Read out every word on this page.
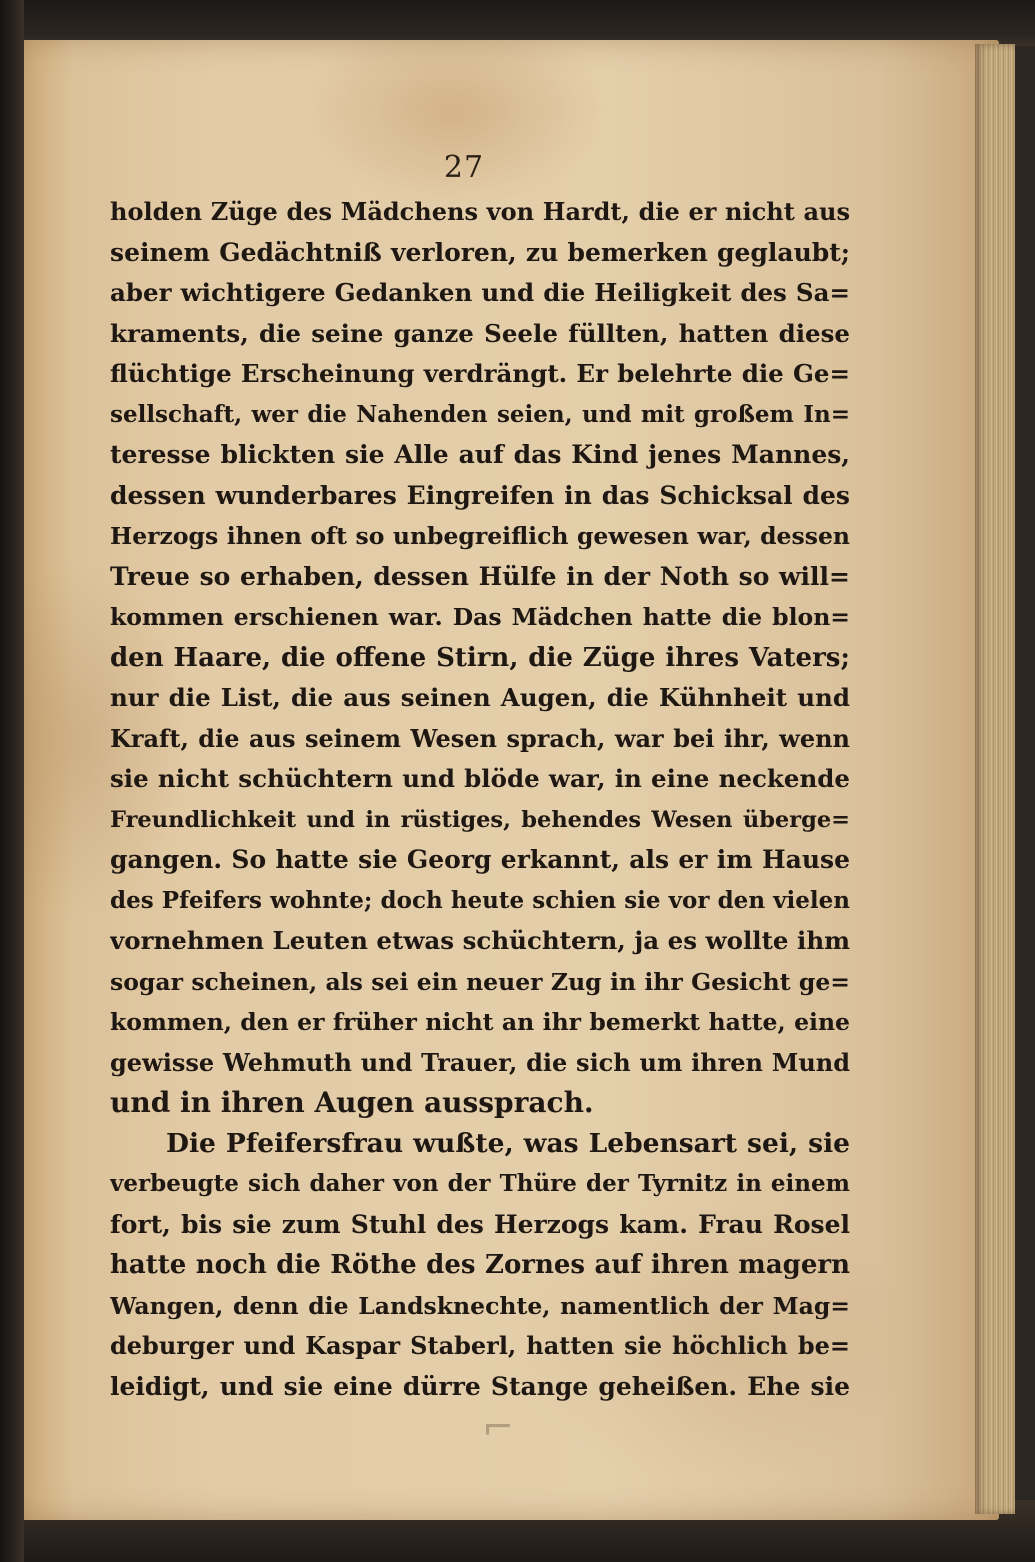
27
holden Züge des Mädchens von Hardt, die er nicht aus
seinem Gedächtniß verloren, zu bemerken geglaubt;
aber wichtigere Gedanken und die Heiligkeit des Sa=
kraments, die seine ganze Seele füllten, hatten diese
flüchtige Erscheinung verdrängt. Er belehrte die Ge=
sellschaft, wer die Nahenden seien, und mit großem In=
teresse blickten sie Alle auf das Kind jenes Mannes,
dessen wunderbares Eingreifen in das Schicksal des
Herzogs ihnen oft so unbegreiflich gewesen war, dessen
Treue so erhaben, dessen Hülfe in der Noth so will=
kommen erschienen war. Das Mädchen hatte die blon=
den Haare, die offene Stirn, die Züge ihres Vaters;
nur die List, die aus seinen Augen, die Kühnheit und
Kraft, die aus seinem Wesen sprach, war bei ihr, wenn
sie nicht schüchtern und blöde war, in eine neckende
Freundlichkeit und in rüstiges, behendes Wesen überge=
gangen. So hatte sie Georg erkannt, als er im Hause
des Pfeifers wohnte; doch heute schien sie vor den vielen
vornehmen Leuten etwas schüchtern, ja es wollte ihm
sogar scheinen, als sei ein neuer Zug in ihr Gesicht ge=
kommen, den er früher nicht an ihr bemerkt hatte, eine
gewisse Wehmuth und Trauer, die sich um ihren Mund
und in ihren Augen aussprach.
Die Pfeifersfrau wußte, was Lebensart sei, sie
verbeugte sich daher von der Thüre der Tyrnitz in einem
fort, bis sie zum Stuhl des Herzogs kam. Frau Rosel
hatte noch die Röthe des Zornes auf ihren magern
Wangen, denn die Landsknechte, namentlich der Mag=
deburger und Kaspar Staberl, hatten sie höchlich be=
leidigt, und sie eine dürre Stange geheißen. Ehe sie
⌐
